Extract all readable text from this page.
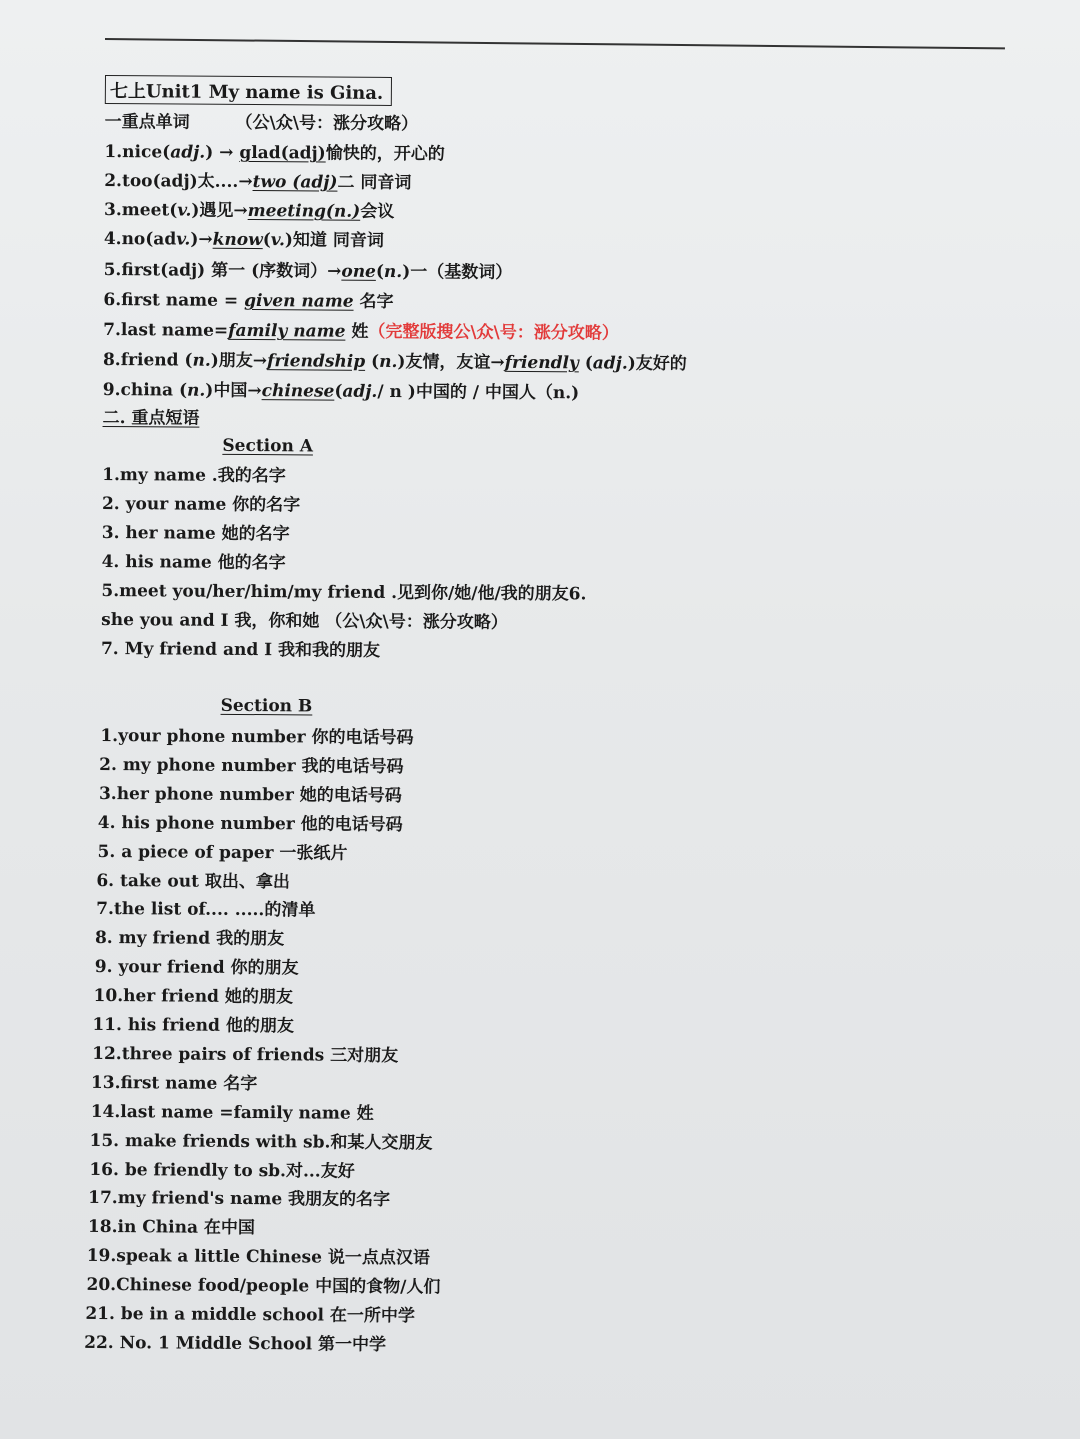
七上Unit1 My name is Gina.
一重点单词	（公\众\号：涨分攻略）
1.nice(adj.) → glad(adj)愉快的，开心的
2.too(adj)太....→two (adj)二 同音词
3.meet(v.)遇见→meeting(n.)会议
4.no(adv.)→know(v.)知道 同音词
5.first(adj) 第一 (序数词）→one(n.)一（基数词）
6.first name = given name 名字
7.last name=family name 姓（完整版搜公\众\号：涨分攻略）
8.friend (n.)朋友→friendship (n.)友情，友谊→friendly (adj.)友好的
9.china (n.)中国→chinese(adj./ n )中国的 / 中国人（n.)
二. 重点短语
Section A
1.my name .我的名字
2. your name 你的名字
3. her name 她的名字
4. his name 他的名字
5.meet you/her/him/my friend .见到你/她/他/我的朋友6.
she you and I 我，你和她 （公\众\号：涨分攻略）
7. My friend and I 我和我的朋友
Section B
1.your phone number 你的电话号码
2. my phone number 我的电话号码
3.her phone number 她的电话号码
4. his phone number 他的电话号码
5. a piece of paper 一张纸片
6. take out 取出、拿出
7.the list of.... .....的清单
8. my friend 我的朋友
9. your friend 你的朋友
10.her friend 她的朋友
11. his friend 他的朋友
12.three pairs of friends 三对朋友
13.first name 名字
14.last name =family name 姓
15. make friends with sb.和某人交朋友
16. be friendly to sb.对...友好
17.my friend's name 我朋友的名字
18.in China 在中国
19.speak a little Chinese 说一点点汉语
20.Chinese food/people 中国的食物/人们
21. be in a middle school 在一所中学
22. No. 1 Middle School 第一中学
